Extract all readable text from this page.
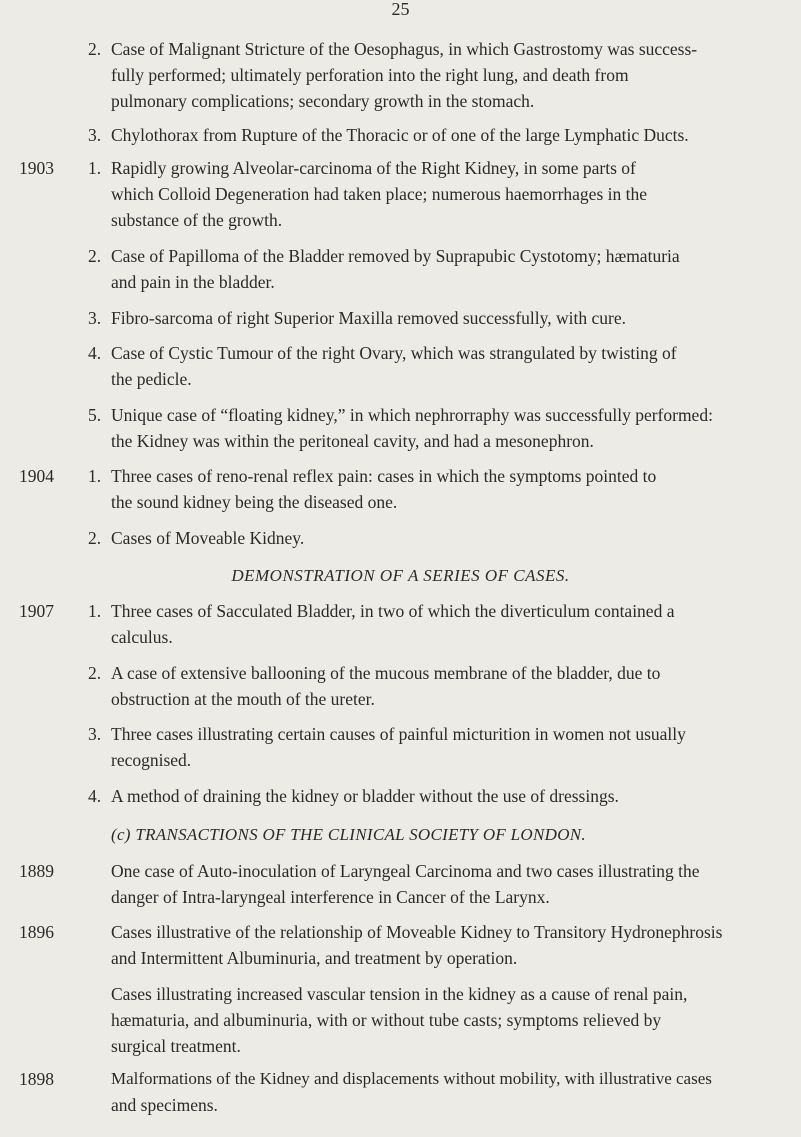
25
2. Case of Malignant Stricture of the Oesophagus, in which Gastrostomy was success-
fully performed; ultimately perforation into the right lung, and death from
pulmonary complications; secondary growth in the stomach.
3. Chylothorax from Rupture of the Thoracic or of one of the large Lymphatic Ducts.
1903 1. Rapidly growing Alveolar-carcinoma of the Right Kidney, in some parts of
which Colloid Degeneration had taken place; numerous haemorrhages in the
substance of the growth.
2. Case of Papilloma of the Bladder removed by Suprapubic Cystotomy; hæmaturia
and pain in the bladder.
3. Fibro-sarcoma of right Superior Maxilla removed successfully, with cure.
4. Case of Cystic Tumour of the right Ovary, which was strangulated by twisting of
the pedicle.
5. Unique case of “floating kidney,” in which nephrorraphy was successfully performed:
the Kidney was within the peritoneal cavity, and had a mesonephron.
1904 1. Three cases of reno-renal reflex pain: cases in which the symptoms pointed to
the sound kidney being the diseased one.
2. Cases of Moveable Kidney.
DEMONSTRATION OF A SERIES OF CASES.
1907 1. Three cases of Sacculated Bladder, in two of which the diverticulum contained a
calculus.
2. A case of extensive ballooning of the mucous membrane of the bladder, due to
obstruction at the mouth of the ureter.
3. Three cases illustrating certain causes of painful micturition in women not usually
recognised.
4. A method of draining the kidney or bladder without the use of dressings.
(c) TRANSACTIONS OF THE CLINICAL SOCIETY OF LONDON.
1889	One case of Auto-inoculation of Laryngeal Carcinoma and two cases illustrating the
danger of Intra-laryngeal interference in Cancer of the Larynx.
1896	Cases illustrative of the relationship of Moveable Kidney to Transitory Hydronephrosis
and Intermittent Albuminuria, and treatment by operation.
Cases illustrating increased vascular tension in the kidney as a cause of renal pain,
hæmaturia, and albuminuria, with or without tube casts; symptoms relieved by
surgical treatment.
1898	Malformations of the Kidney and displacements without mobility, with illustrative cases
and specimens.
